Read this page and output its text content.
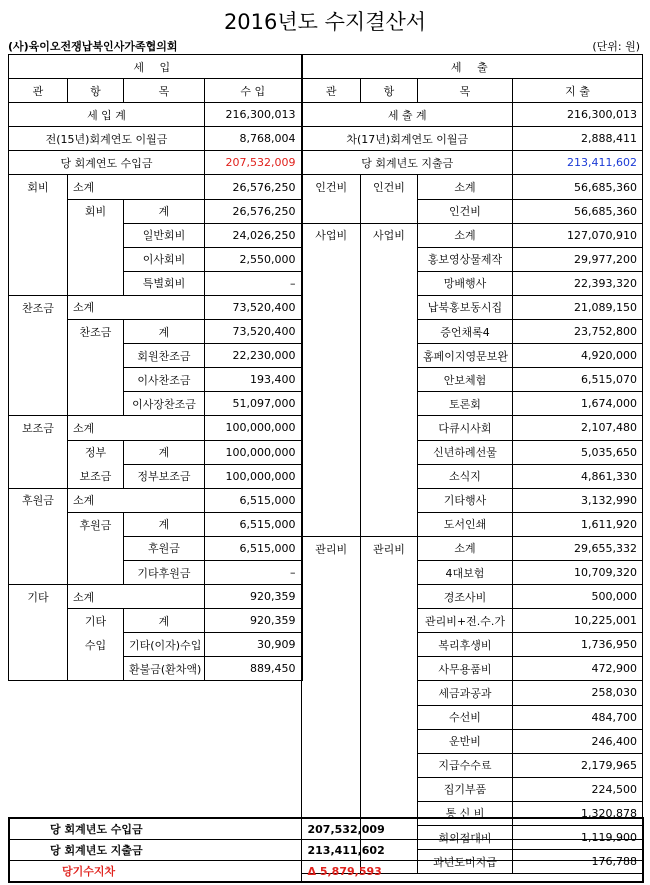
2016년도 수지결산서
(사)육이오전쟁납북인사가족협의회	(단위: 원)
세 입				세 출			
관	항	목	수 입	관	항	목	지 출
세 입 계			216,300,013	세 출 계			216,300,013
전(15년)회계연도 이월금			8,768,004	차(17년)회계연도 이월금			2,888,411
당 회계연도 수입금			207,532,009	당 회계년도 지출금			213,411,602
회비	소계		26,576,250	인건비	인건비	소계	56,685,360
	회비	계	26,576,250			인건비	56,685,360
		일반회비	24,026,250	사업비	사업비	소계	127,070,910
		이사회비	2,550,000			홍보영상물제작	29,977,200
		특별회비	–			망배행사	22,393,320
찬조금	소계		73,520,400			납북홍보동시집	21,089,150
	찬조금	계	73,520,400			증언채록4	23,752,800
		회원찬조금	22,230,000			홈페이지영문보완	4,920,000
		이사찬조금	193,400			안보체험	6,515,070
		이사장찬조금	51,097,000			토론회	1,674,000
보조금	소계		100,000,000			다큐시사회	2,107,480
	정부	계	100,000,000			신년하례선물	5,035,650
	보조금	정부보조금	100,000,000			소식지	4,861,330
후원금	소계		6,515,000			기타행사	3,132,990
	후원금	계	6,515,000			도서인쇄	1,611,920
		후원금	6,515,000	관리비	관리비	소계	29,655,332
		기타후원금	–			4대보험	10,709,320
기타	소계		920,359			경조사비	500,000
	기타	계	920,359			관리비+전.수.가	10,225,001
	수입	기타(이자)수입	30,909			복리후생비	1,736,950
		환불금(환차액)	889,450			사무용품비	472,900
						세금과공과	258,030
						수선비	484,700
						운반비	246,400
						지급수수료	2,179,965
						집기부품	224,500
						통 신 비	1,320,878
						회의접대비	1,119,900
						과년도미지급	176,788
당 회계년도 수입금	207,532,009
당 회계년도 지출금	213,411,602
당기수지차	Δ 5,879,593
